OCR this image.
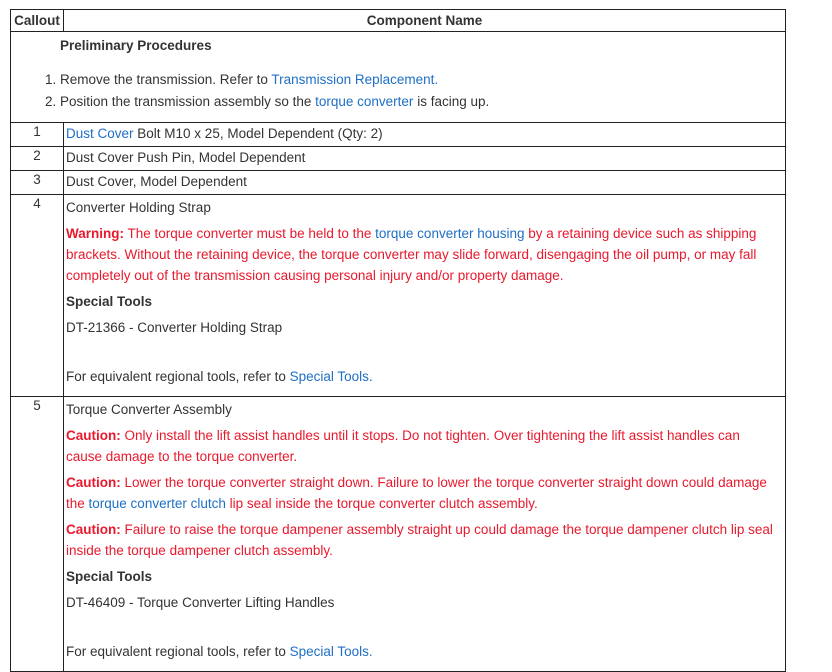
Callout	Component Name

Preliminary Procedures
1. Remove the transmission. Refer to Transmission Replacement.
2. Position the transmission assembly so the torque converter is facing up.

1	Dust Cover Bolt M10 x 25, Model Dependent (Qty: 2)
2	Dust Cover Push Pin, Model Dependent
3	Dust Cover, Model Dependent
4	Converter Holding Strap

Warning: The torque converter must be held to the torque converter housing by a retaining device such as shipping brackets. Without the retaining device, the torque converter may slide forward, disengaging the oil pump, or may fall completely out of the transmission causing personal injury and/or property damage.

Special Tools

DT-21366 - Converter Holding Strap

For equivalent regional tools, refer to Special Tools.

5	Torque Converter Assembly

Caution: Only install the lift assist handles until it stops. Do not tighten. Over tightening the lift assist handles can cause damage to the torque converter.

Caution: Lower the torque converter straight down. Failure to lower the torque converter straight down could damage the torque converter clutch lip seal inside the torque converter clutch assembly.

Caution: Failure to raise the torque dampener assembly straight up could damage the torque dampener clutch lip seal inside the torque dampener clutch assembly.

Special Tools

DT-46409 - Torque Converter Lifting Handles

For equivalent regional tools, refer to Special Tools.
